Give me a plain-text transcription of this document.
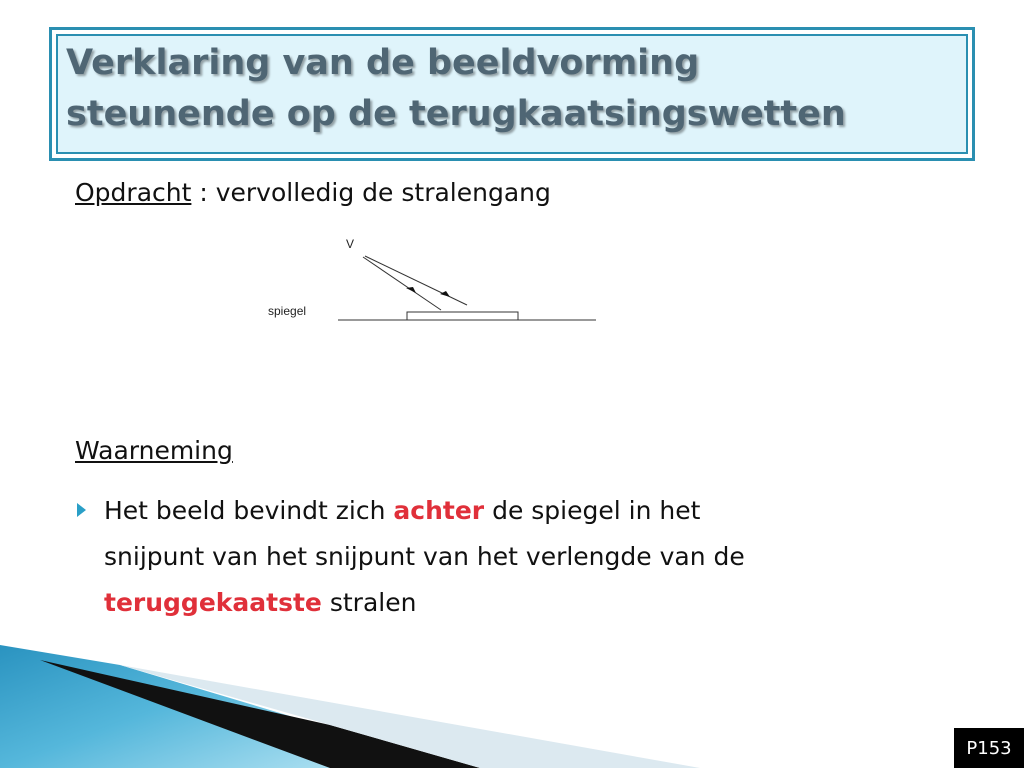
Verklaring van de beeldvorming
steunende op de terugkaatsingswetten
Opdracht : vervolledig de stralengang
V
spiegel
Waarneming
Het beeld bevindt zich achter de spiegel in het
snijpunt van het snijpunt van het verlengde van de
teruggekaatste stralen
P153
